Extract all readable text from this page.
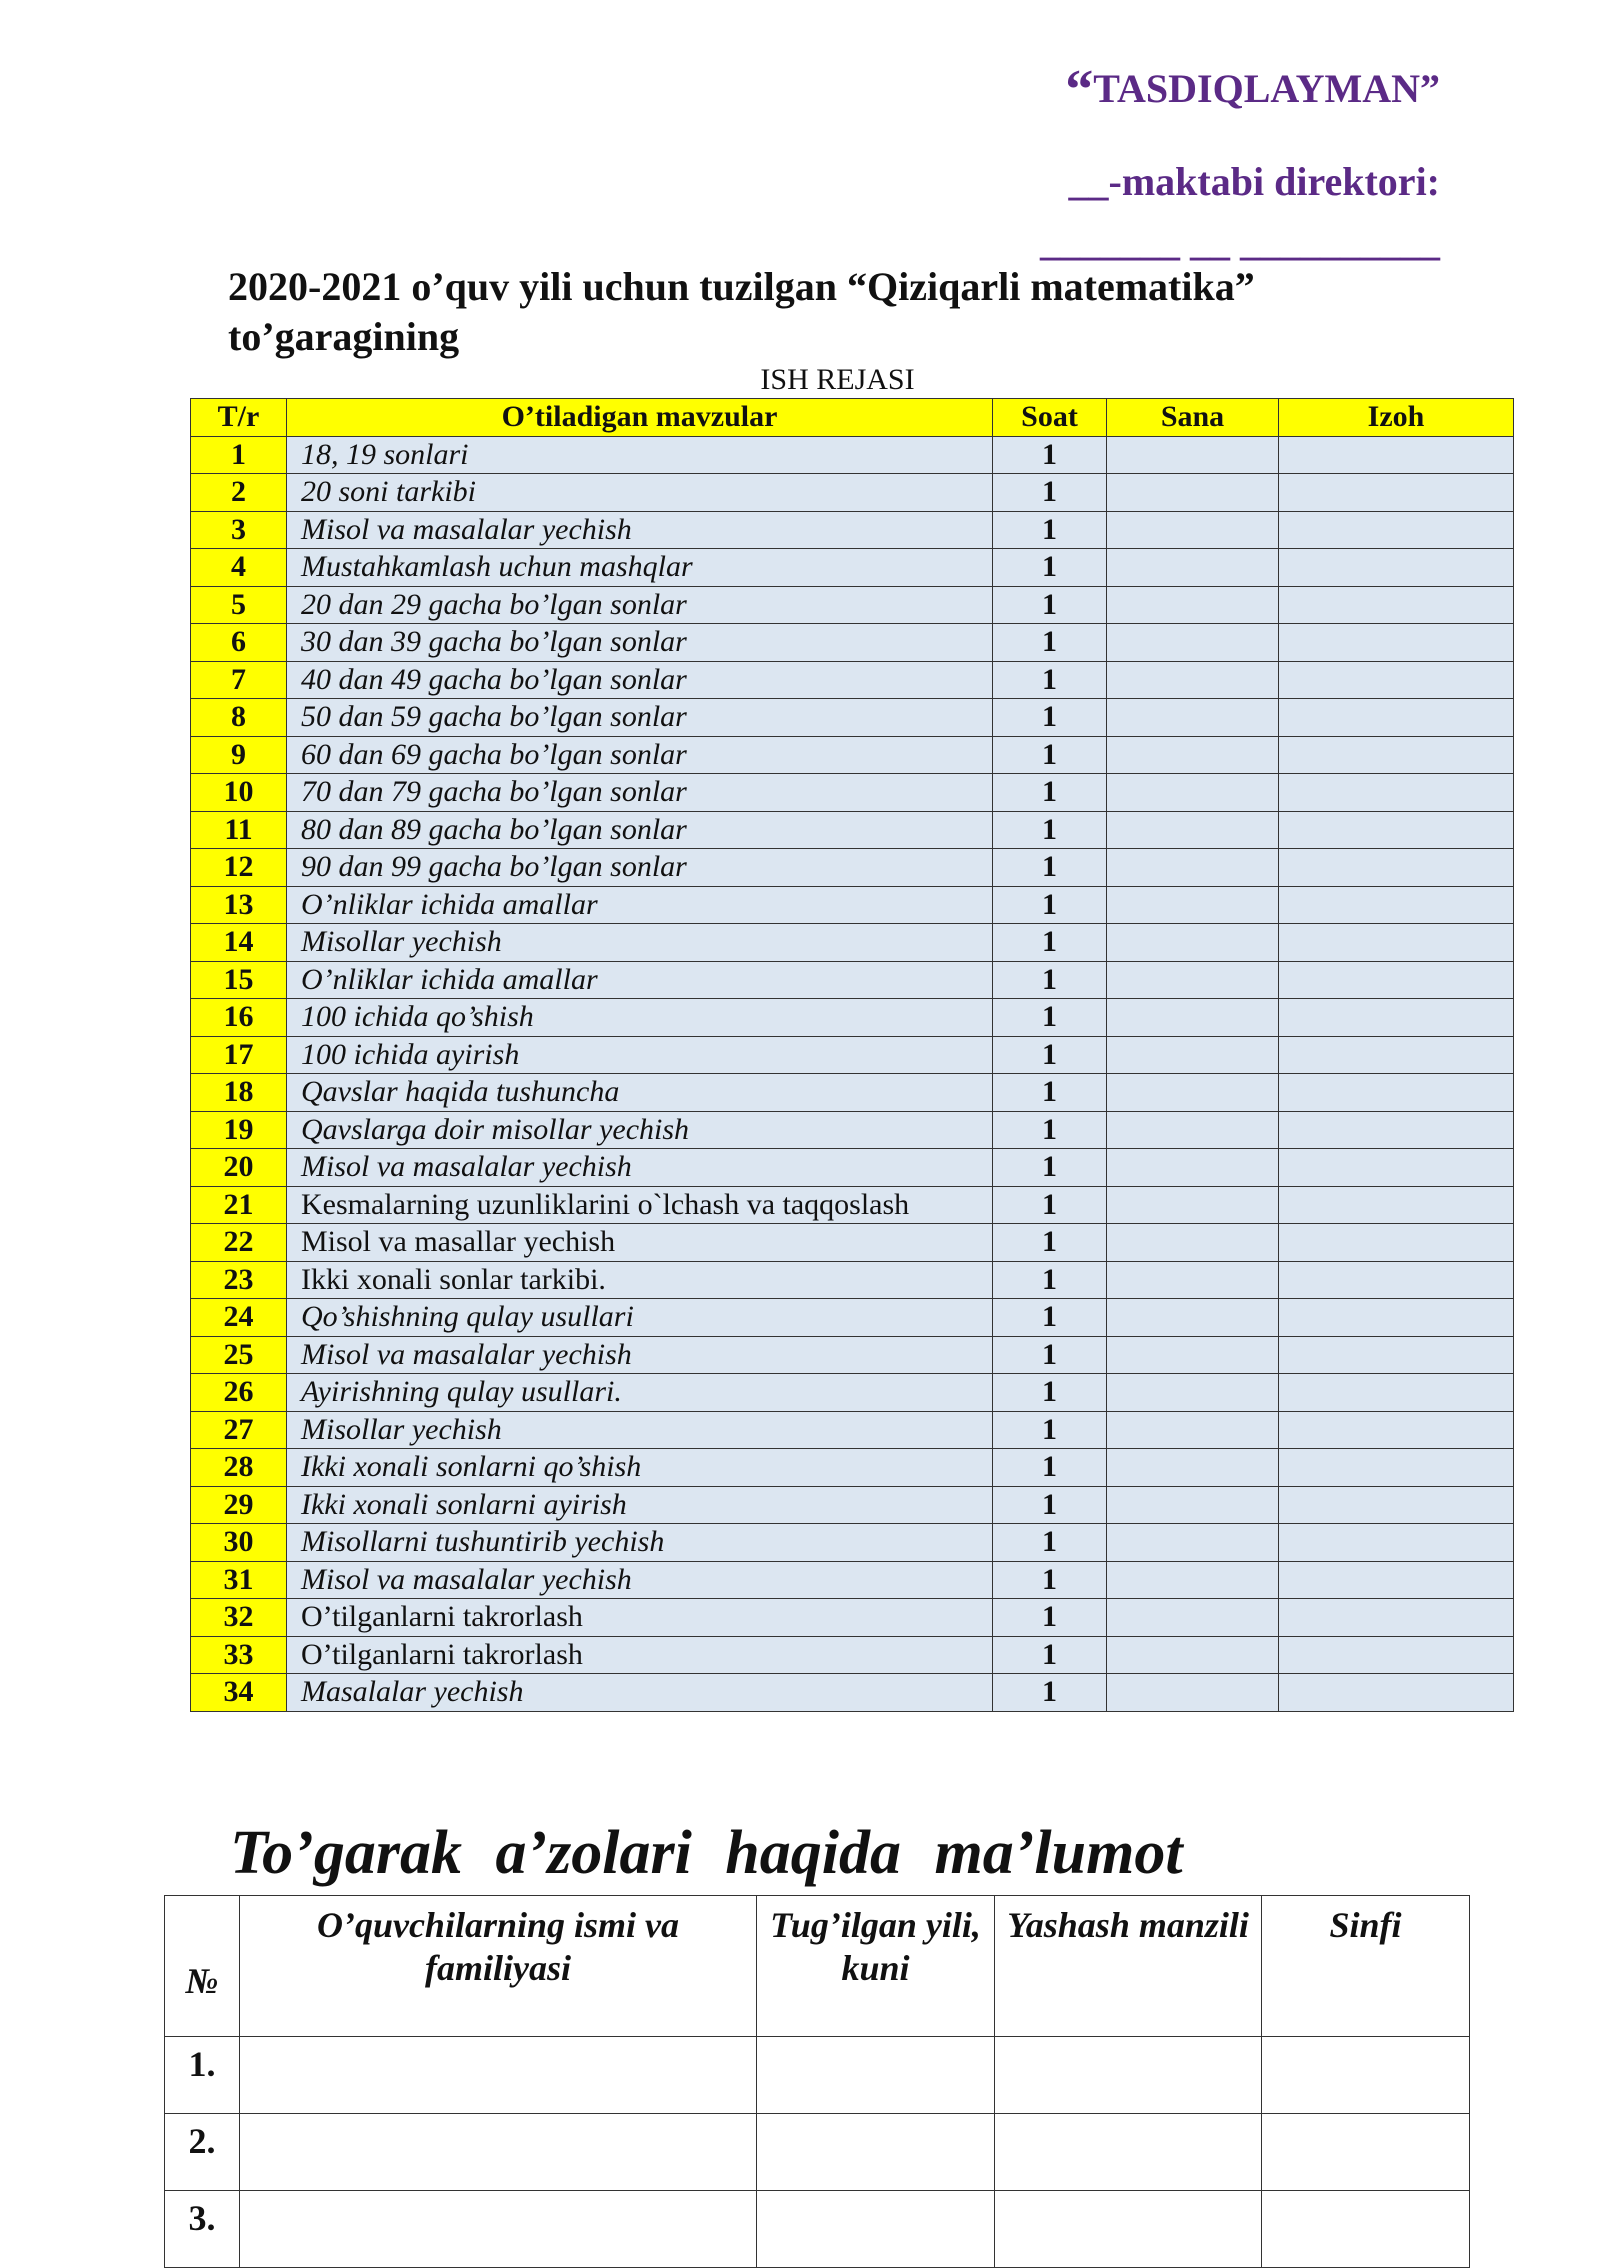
“TASDIQLAYMAN”
__-maktabi direktori:
_______ __ __________
2020-2021 o’quv yili uchun tuzilgan “Qiziqarli matematika”
to’garagining
ISH REJASI
T/r	O’tiladigan mavzular	Soat	Sana	Izoh
1	18, 19 sonlari	1		
2	20 soni tarkibi	1		
3	Misol va masalalar yechish	1		
4	Mustahkamlash uchun mashqlar	1		
5	20 dan 29 gacha bo’lgan sonlar	1		
6	30 dan 39 gacha bo’lgan sonlar	1		
7	40 dan 49 gacha bo’lgan sonlar	1		
8	50 dan 59 gacha bo’lgan sonlar	1		
9	60 dan 69 gacha bo’lgan sonlar	1		
10	70 dan 79 gacha bo’lgan sonlar	1		
11	80 dan 89 gacha bo’lgan sonlar	1		
12	90 dan 99 gacha bo’lgan sonlar	1		
13	O’nliklar ichida amallar	1		
14	Misollar yechish	1		
15	O’nliklar ichida amallar	1		
16	100 ichida qo’shish	1		
17	100 ichida ayirish	1		
18	Qavslar haqida tushuncha	1		
19	Qavslarga doir misollar yechish	1		
20	Misol va masalalar yechish	1		
21	Kesmalarning uzunliklarini o`lchash va taqqoslash	1		
22	Misol va masallar yechish	1		
23	Ikki xonali sonlar tarkibi.	1		
24	Qo’shishning qulay usullari	1		
25	Misol va masalalar yechish	1		
26	Ayirishning qulay usullari.	1		
27	Misollar yechish	1		
28	Ikki xonali sonlarni qo’shish	1		
29	Ikki xonali sonlarni ayirish	1		
30	Misollarni tushuntirib yechish	1		
31	Misol va masalalar yechish	1		
32	O’tilganlarni takrorlash	1		
33	O’tilganlarni takrorlash	1		
34	Masalalar yechish	1		
To’garak a’zolari haqida ma’lumot
№	O’quvchilarning ismi va familiyasi	Tug’ilgan yili, kuni	Yashash manzili	Sinfi
1.				
2.				
3.				
